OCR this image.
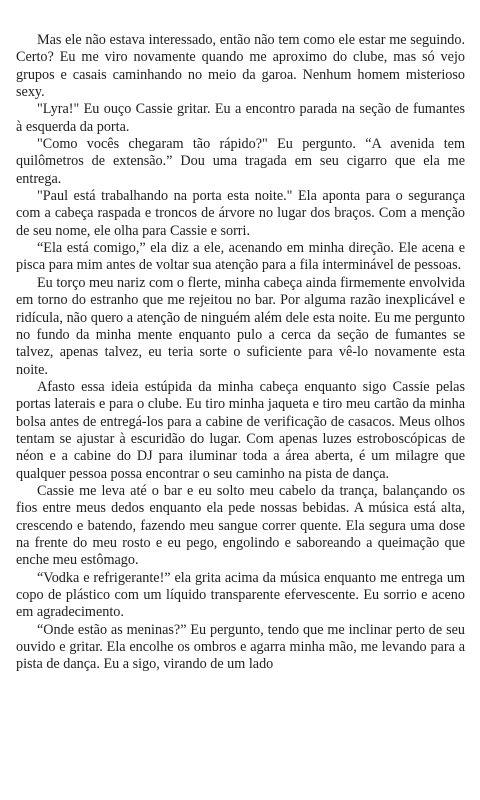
Mas ele não estava interessado, então não tem como ele estar me seguindo. Certo? Eu me viro novamente quando me aproximo do clube, mas só vejo grupos e casais caminhando no meio da garoa. Nenhum homem misterioso sexy.

"Lyra!" Eu ouço Cassie gritar. Eu a encontro parada na seção de fumantes à esquerda da porta.

"Como vocês chegaram tão rápido?" Eu pergunto. “A avenida tem quilômetros de extensão.” Dou uma tragada em seu cigarro que ela me entrega.

"Paul está trabalhando na porta esta noite." Ela aponta para o segurança com a cabeça raspada e troncos de árvore no lugar dos braços. Com a menção de seu nome, ele olha para Cassie e sorri.

“Ela está comigo,” ela diz a ele, acenando em minha direção. Ele acena e pisca para mim antes de voltar sua atenção para a fila interminável de pessoas.

Eu torço meu nariz com o flerte, minha cabeça ainda firmemente envolvida em torno do estranho que me rejeitou no bar. Por alguma razão inexplicável e ridícula, não quero a atenção de ninguém além dele esta noite. Eu me pergunto no fundo da minha mente enquanto pulo a cerca da seção de fumantes se talvez, apenas talvez, eu teria sorte o suficiente para vê-lo novamente esta noite.

Afasto essa ideia estúpida da minha cabeça enquanto sigo Cassie pelas portas laterais e para o clube. Eu tiro minha jaqueta e tiro meu cartão da minha bolsa antes de entregá-los para a cabine de verificação de casacos. Meus olhos tentam se ajustar à escuridão do lugar. Com apenas luzes estroboscópicas de néon e a cabine do DJ para iluminar toda a área aberta, é um milagre que qualquer pessoa possa encontrar o seu caminho na pista de dança.

Cassie me leva até o bar e eu solto meu cabelo da trança, balançando os fios entre meus dedos enquanto ela pede nossas bebidas. A música está alta, crescendo e batendo, fazendo meu sangue correr quente. Ela segura uma dose na frente do meu rosto e eu pego, engolindo e saboreando a queimação que enche meu estômago.

“Vodka e refrigerante!” ela grita acima da música enquanto me entrega um copo de plástico com um líquido transparente efervescente. Eu sorrio e aceno em agradecimento.

“Onde estão as meninas?” Eu pergunto, tendo que me inclinar perto de seu ouvido e gritar. Ela encolhe os ombros e agarra minha mão, me levando para a pista de dança. Eu a sigo, virando de um lado
